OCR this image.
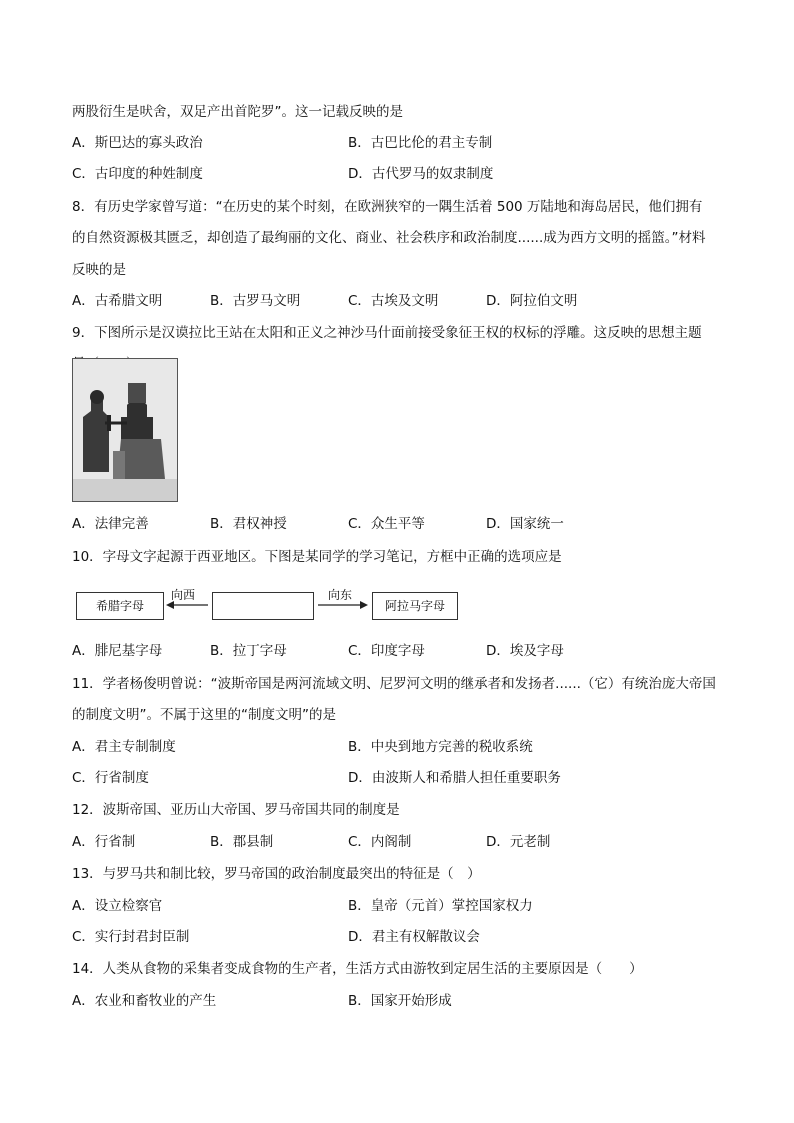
两股衍生是吠舍，双足产出首陀罗”。这一记载反映的是
A．斯巴达的寡头政治	B．古巴比伦的君主专制
C．古印度的种姓制度	D．古代罗马的奴隶制度
8．有历史学家曾写道：“在历史的某个时刻，在欧洲狭窄的一隅生活着 500 万陆地和海岛居民，他们拥有
的自然资源极其匮乏，却创造了最绚丽的文化、商业、社会秩序和政治制度......成为西方文明的摇篮。”材料
反映的是
A．古希腊文明	B．古罗马文明	C．古埃及文明	D．阿拉伯文明
9．下图所示是汉谟拉比王站在太阳和正义之神沙马什面前接受象征王权的权标的浮雕。这反映的思想主题
A．法律完善	B．君权神授	C．众生平等	D．国家统一
10．字母文字起源于西亚地区。下图是某同学的学习笔记，方框中正确的选项应是
希腊字母
向西	向东
阿拉马字母
A．腓尼基字母	B．拉丁字母	C．印度字母	D．埃及字母
11．学者杨俊明曾说：“波斯帝国是两河流域文明、尼罗河文明的继承者和发扬者......（它）有统治庞大帝国
的制度文明”。不属于这里的“制度文明”的是
A．君主专制制度	B．中央到地方完善的税收系统
C．行省制度	D．由波斯人和希腊人担任重要职务
12．波斯帝国、亚历山大帝国、罗马帝国共同的制度是
A．行省制	B．郡县制	C．内阁制	D．元老制
13．与罗马共和制比较，罗马帝国的政治制度最突出的特征是（　）
A．设立检察官	B．皇帝（元首）掌控国家权力
C．实行封君封臣制	D．君主有权解散议会
14．人类从食物的采集者变成食物的生产者，生活方式由游牧到定居生活的主要原因是（　　）
A．农业和畜牧业的产生	B．国家开始形成
